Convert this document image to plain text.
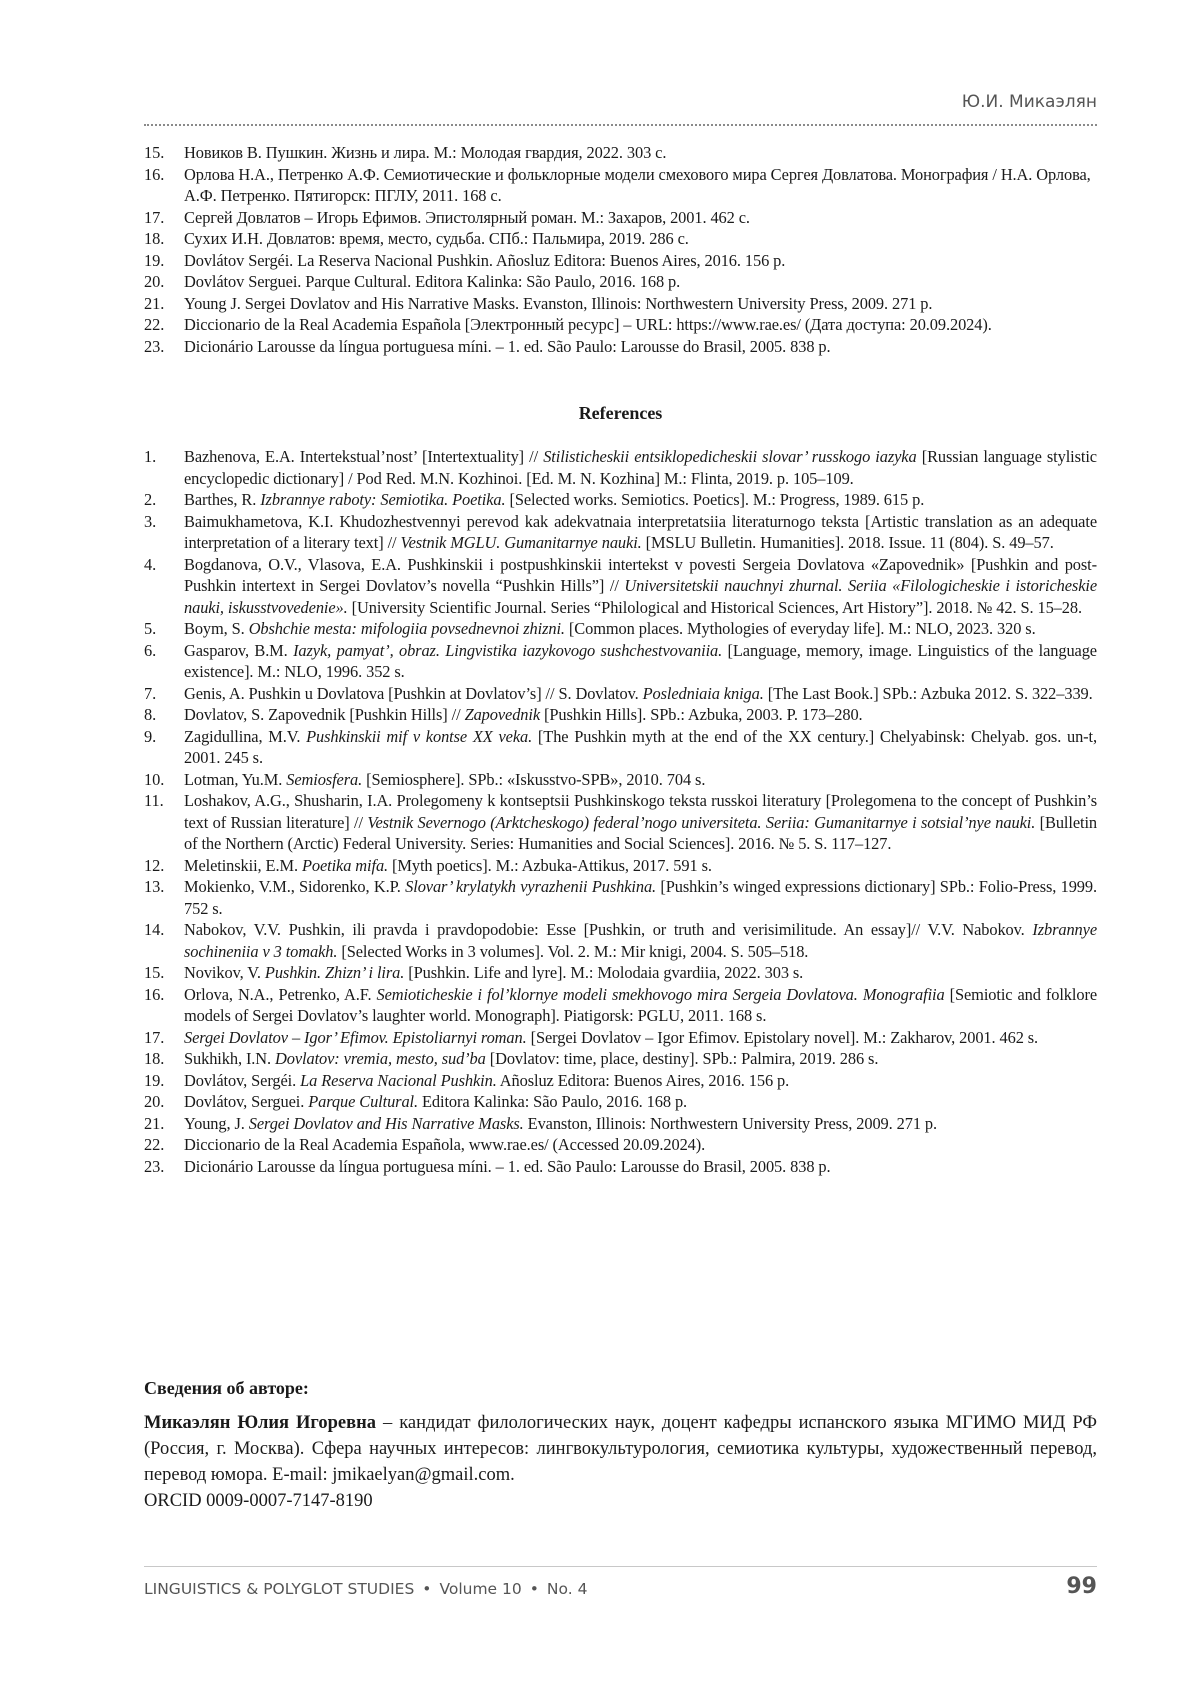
Ю.И. Микаэлян
15. Новиков В. Пушкин. Жизнь и лира. М.: Молодая гвардия, 2022. 303 с.
16. Орлова Н.А., Петренко А.Ф. Семиотические и фольклорные модели смехового мира Сергея Довлатова. Монография / Н.А. Орлова, А.Ф. Петренко. Пятигорск: ПГЛУ, 2011. 168 с.
17. Сергей Довлатов – Игорь Ефимов. Эпистолярный роман. М.: Захаров, 2001. 462 с.
18. Сухих И.Н. Довлатов: время, место, судьба. СПб.: Пальмира, 2019. 286 с.
19. Dovlátov Sergéi. La Reserva Nacional Pushkin. Añosluz Editora: Buenos Aires, 2016. 156 p.
20. Dovlátov Serguei. Parque Cultural. Editora Kalinka: São Paulo, 2016. 168 p.
21. Young J. Sergei Dovlatov and His Narrative Masks. Evanston, Illinois: Northwestern University Press, 2009. 271 p.
22. Diccionario de la Real Academia Española [Электронный ресурс] – URL: https://www.rae.es/ (Дата доступа: 20.09.2024).
23. Dicionário Larousse da língua portuguesa míni. – 1. ed. São Paulo: Larousse do Brasil, 2005. 838 p.
References
1. Bazhenova, E.A. Intertekstual’nost’ [Intertextuality] // Stilisticheskii entsiklopedicheskii slovar’ russkogo iazyka [Russian language stylistic encyclopedic dictionary] / Pod Red. M.N. Kozhinoi. [Ed. M. N. Kozhina] M.: Flinta, 2019. p. 105–109.
2. Barthes, R. Izbrannye raboty: Semiotika. Poetika. [Selected works. Semiotics. Poetics]. M.: Progress, 1989. 615 p.
3. Baimukhametova, K.I. Khudozhestvennyi perevod kak adekvatnaia interpretatsiia literaturnogo teksta [Artistic translation as an adequate interpretation of a literary text] // Vestnik MGLU. Gumanitarnye nauki. [MSLU Bulletin. Humanities]. 2018. Issue. 11 (804). S. 49–57.
4. Bogdanova, O.V., Vlasova, E.A. Pushkinskii i postpushkinskii intertekst v povesti Sergeia Dovlatova «Zapovednik» [Pushkin and post-Pushkin intertext in Sergei Dovlatov’s novella “Pushkin Hills”] // Universitetskii nauchnyi zhurnal. Seriia «Filologicheskie i istoricheskie nauki, iskusstvovedenie». [University Scientific Journal. Series “Philological and Historical Sciences, Art History”]. 2018. № 42. S. 15–28.
5. Boym, S. Obshchie mesta: mifologiia povsednevnoi zhizni. [Common places. Mythologies of everyday life]. M.: NLO, 2023. 320 s.
6. Gasparov, B.M. Iazyk, pamyat’, obraz. Lingvistika iazykovogo sushchestvovaniia. [Language, memory, image. Linguistics of the language existence]. M.: NLO, 1996. 352 s.
7. Genis, A. Pushkin u Dovlatova [Pushkin at Dovlatov’s] // S. Dovlatov. Posledniaia kniga. [The Last Book.] SPb.: Azbuka 2012. S. 322–339.
8. Dovlatov, S. Zapovednik [Pushkin Hills] // Zapovednik [Pushkin Hills]. SPb.: Azbuka, 2003. P. 173–280.
9. Zagidullina, M.V. Pushkinskii mif v kontse XX veka. [The Pushkin myth at the end of the XX century.] Chelyabinsk: Chelyab. gos. un-t, 2001. 245 s.
10. Lotman, Yu.M. Semiosfera. [Semiosphere]. SPb.: «Iskusstvo-SPB», 2010. 704 s.
11. Loshakov, A.G., Shusharin, I.A. Prolegomeny k kontseptsii Pushkinskogo teksta russkoi literatury [Prolegomena to the concept of Pushkin’s text of Russian literature] // Vestnik Severnogo (Arktcheskogo) federal’nogo universiteta. Seriia: Gumanitarnye i sotsial’nye nauki. [Bulletin of the Northern (Arctic) Federal University. Series: Humanities and Social Sciences]. 2016. № 5. S. 117–127.
12. Meletinskii, E.M. Poetika mifa. [Myth poetics]. M.: Azbuka-Attikus, 2017. 591 s.
13. Mokienko, V.M., Sidorenko, K.P. Slovar’ krylatykh vyrazhenii Pushkina. [Pushkin’s winged expressions dictionary] SPb.: Folio-Press, 1999. 752 s.
14. Nabokov, V.V. Pushkin, ili pravda i pravdopodobie: Esse [Pushkin, or truth and verisimilitude. An essay]// V.V. Nabokov. Izbrannye sochineniia v 3 tomakh. [Selected Works in 3 volumes]. Vol. 2. M.: Mir knigi, 2004. S. 505–518.
15. Novikov, V. Pushkin. Zhizn’ i lira. [Pushkin. Life and lyre]. M.: Molodaia gvardiia, 2022. 303 s.
16. Orlova, N.A., Petrenko, A.F. Semioticheskie i fol’klornye modeli smekhovogo mira Sergeia Dovlatova. Monografiia [Semiotic and folklore models of Sergei Dovlatov’s laughter world. Monograph]. Piatigorsk: PGLU, 2011. 168 s.
17. Sergei Dovlatov – Igor’ Efimov. Epistoliarnyi roman. [Sergei Dovlatov – Igor Efimov. Epistolary novel]. M.: Zakharov, 2001. 462 s.
18. Sukhikh, I.N. Dovlatov: vremia, mesto, sud’ba [Dovlatov: time, place, destiny]. SPb.: Palmira, 2019. 286 s.
19. Dovlátov, Sergéi. La Reserva Nacional Pushkin. Añosluz Editora: Buenos Aires, 2016. 156 p.
20. Dovlátov, Serguei. Parque Cultural. Editora Kalinka: São Paulo, 2016. 168 p.
21. Young, J. Sergei Dovlatov and His Narrative Masks. Evanston, Illinois: Northwestern University Press, 2009. 271 p.
22. Diccionario de la Real Academia Española, www.rae.es/ (Accessed 20.09.2024).
23. Dicionário Larousse da língua portuguesa míni. – 1. ed. São Paulo: Larousse do Brasil, 2005. 838 p.
Сведения об авторе:
Микаэлян Юлия Игоревна – кандидат филологических наук, доцент кафедры испанского языка МГИМО МИД РФ (Россия, г. Москва). Сфера научных интересов: лингвокультурология, семиотика культуры, художественный перевод, перевод юмора. E-mail: jmikaelyan@gmail.com.
ORCID 0009-0007-7147-8190
LINGUISTICS & POLYGLOT STUDIES • Volume 10 • No. 4	99
